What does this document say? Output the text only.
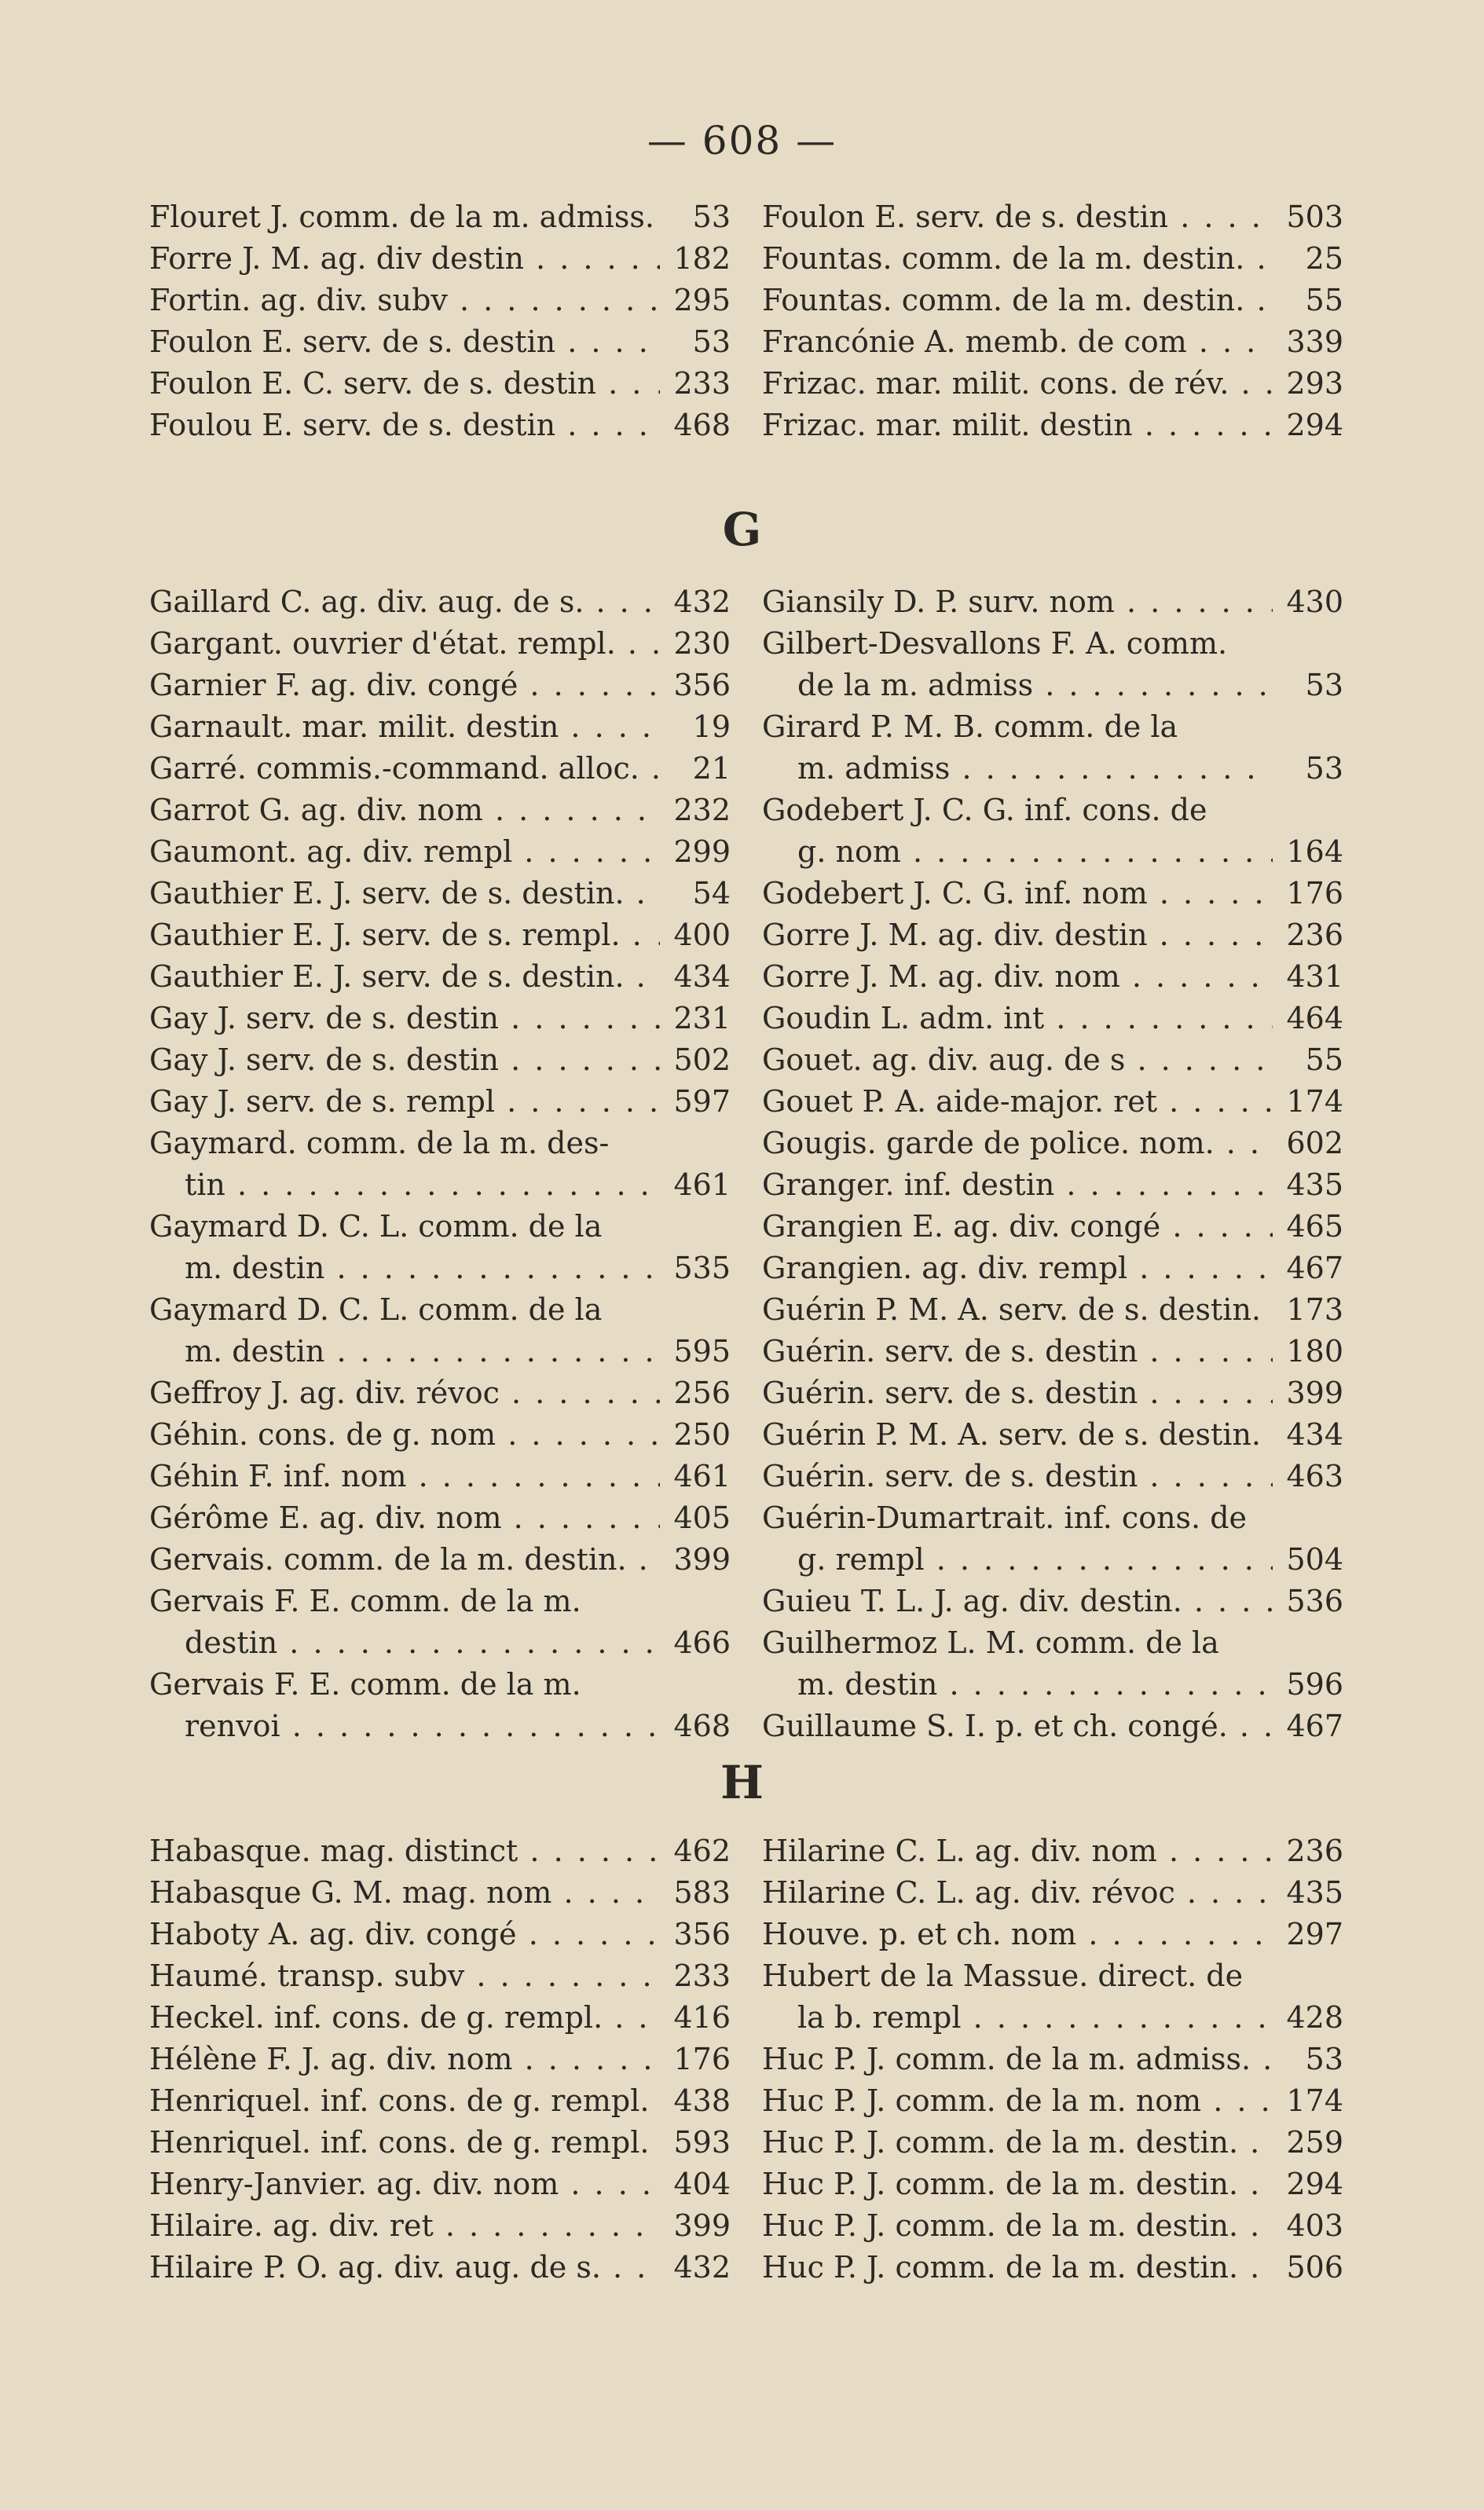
— 608 —
Flouret J. comm. de la m. admiss. . . .	53
Forre J. M. ag. div destin . . .	182
Fortin. ag. div. subv . . .	295
Foulon E. serv. de s. destin . . .	53
Foulon E. C. serv. de s. destin . . .	233
Foulou E. serv. de s. destin . . .	468
Foulon E. serv. de s. destin . . .	503
Fountas. comm. de la m. destin. . . .	25
Fountas. comm. de la m. destin. . . .	55
Francónie A. memb. de com . . .	339
Frizac. mar. milit. cons. de rév. . . .	293
Frizac. mar. milit. destin . . .	294
G
Gaillard C. ag. div. aug. de s. . . .	432
Gargant. ouvrier d'état. rempl. . . .	230
Garnier F. ag. div. congé . . .	356
Garnault. mar. milit. destin . . .	19
Garré. commis.-command. alloc. . . .	21
Garrot G. ag. div. nom . . .	232
Gaumont. ag. div. rempl . . .	299
Gauthier E. J. serv. de s. destin. . . .	54
Gauthier E. J. serv. de s. rempl. . . .	400
Gauthier E. J. serv. de s. destin. . . .	434
Gay J. serv. de s. destin . . .	231
Gay J. serv. de s. destin . . .	502
Gay J. serv. de s. rempl . . .	597
Gaymard. comm. de la m. des-
tin . . .	461
Gaymard D. C. L. comm. de la
m. destin . . .	535
Gaymard D. C. L. comm. de la
m. destin . . .	595
Geffroy J. ag. div. révoc . . .	256
Géhin. cons. de g. nom . . .	250
Géhin F. inf. nom . . .	461
Gérôme E. ag. div. nom . . .	405
Gervais. comm. de la m. destin. . . .	399
Gervais F. E. comm. de la m.
destin . . .	466
Gervais F. E. comm. de la m.
renvoi . . .	468
Giansily D. P. surv. nom . . .	430
Gilbert-Desvallons F. A. comm.
de la m. admiss . . .	53
Girard P. M. B. comm. de la
m. admiss . . .	53
Godebert J. C. G. inf. cons. de
g. nom . . .	164
Godebert J. C. G. inf. nom . . .	176
Gorre J. M. ag. div. destin . . .	236
Gorre J. M. ag. div. nom . . .	431
Goudin L. adm. int . . .	464
Gouet. ag. div. aug. de s . . .	55
Gouet P. A. aide-major. ret . . .	174
Gougis. garde de police. nom. . . .	602
Granger. inf. destin . . .	435
Grangien E. ag. div. congé . . .	465
Grangien. ag. div. rempl . . .	467
Guérin P. M. A. serv. de s. destin. . . . 173
Guérin. serv. de s. destin . . .	180
Guérin. serv. de s. destin . . .	399
Guérin P. M. A. serv. de s. destin. . . . 434
Guérin. serv. de s. destin . . .	463
Guérin-Dumartrait. inf. cons. de
g. rempl . . .	504
Guieu T. L. J. ag. div. destin. . . .	536
Guilhermoz L. M. comm. de la
m. destin . . .	596
Guillaume S. I. p. et ch. congé. . . .	467
H
Habasque. mag. distinct . . .	462
Habasque G. M. mag. nom . . .	583
Haboty A. ag. div. congé . . .	356
Haumé. transp. subv . . .	233
Heckel. inf. cons. de g. rempl. . . .	416
Hélène F. J. ag. div. nom . . .	176
Henriquel. inf. cons. de g. rempl. . . . 438
Henriquel. inf. cons. de g. rempl. . . . 593
Henry-Janvier. ag. div. nom . . .	404
Hilaire. ag. div. ret . . .	399
Hilaire P. O. ag. div. aug. de s. . . .	432
Hilarine C. L. ag. div. nom . . .	236
Hilarine C. L. ag. div. révoc . . .	435
Houve. p. et ch. nom . . .	297
Hubert de la Massue. direct. de
la b. rempl . . .	428
Huc P. J. comm. de la m. admiss. . . .	53
Huc P. J. comm. de la m. nom . . .	174
Huc P. J. comm. de la m. destin. . . .	259
Huc P. J. comm. de la m. destin. . . .	294
Huc P. J. comm. de la m. destin. . . .	403
Huc P. J. comm. de la m. destin. . . .	506
